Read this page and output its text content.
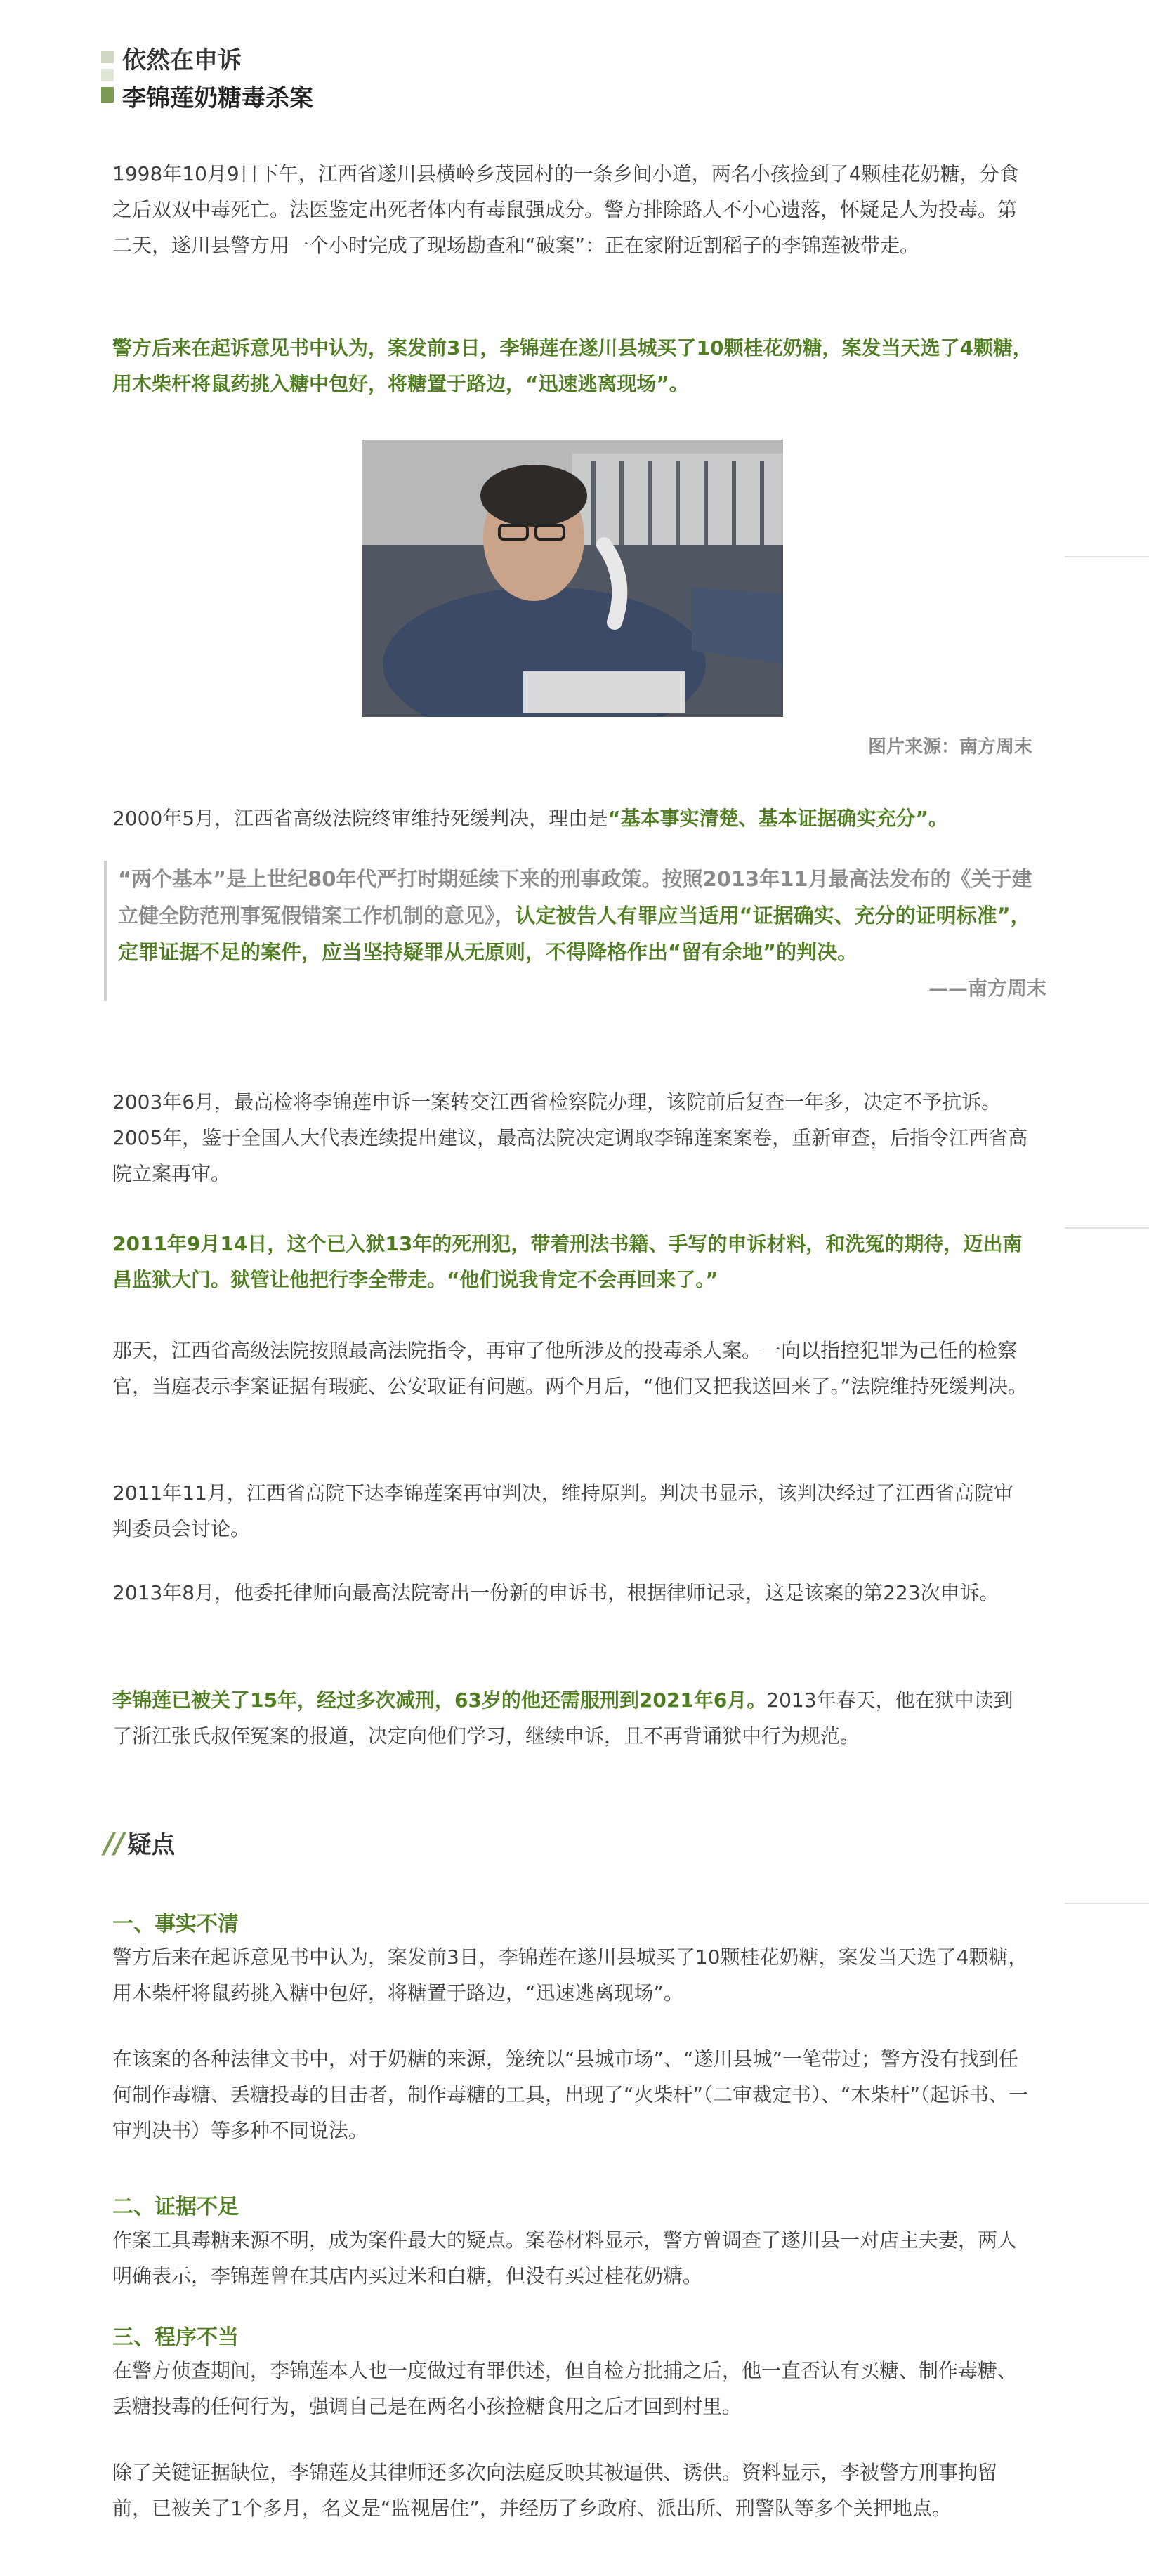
依然在申诉
李锦莲奶糖毒杀案

1998年10月9日下午，江西省遂川县横岭乡茂园村的一条乡间小道，两名小孩捡到了4颗桂花奶糖，分食之后双双中毒死亡。法医鉴定出死者体内有毒鼠强成分。警方排除路人不小心遗落，怀疑是人为投毒。第二天，遂川县警方用一个小时完成了现场勘查和“破案”：正在家附近割稻子的李锦莲被带走。

警方后来在起诉意见书中认为，案发前3日，李锦莲在遂川县城买了10颗桂花奶糖，案发当天选了4颗糖，用木柴杆将鼠药挑入糖中包好，将糖置于路边，“迅速逃离现场”。

图片来源：南方周末

2000年5月，江西省高级法院终审维持死缓判决，理由是“基本事实清楚、基本证据确实充分”。

“两个基本”是上世纪80年代严打时期延续下来的刑事政策。按照2013年11月最高法发布的《关于建立健全防范刑事冤假错案工作机制的意见》，认定被告人有罪应当适用“证据确实、充分的证明标准”，定罪证据不足的案件，应当坚持疑罪从无原则，不得降格作出“留有余地”的判决。

——南方周末

2003年6月，最高检将李锦莲申诉一案转交江西省检察院办理，该院前后复查一年多，决定不予抗诉。2005年，鉴于全国人大代表连续提出建议，最高法院决定调取李锦莲案案卷，重新审查，后指令江西省高院立案再审。

2011年9月14日，这个已入狱13年的死刑犯，带着刑法书籍、手写的申诉材料，和洗冤的期待，迈出南昌监狱大门。狱管让他把行李全带走。“他们说我肯定不会再回来了。”

那天，江西省高级法院按照最高法院指令，再审了他所涉及的投毒杀人案。一向以指控犯罪为己任的检察官，当庭表示李案证据有瑕疵、公安取证有问题。两个月后，“他们又把我送回来了。”法院维持死缓判决。

2011年11月，江西省高院下达李锦莲案再审判决，维持原判。判决书显示，该判决经过了江西省高院审判委员会讨论。

2013年8月，他委托律师向最高法院寄出一份新的申诉书，根据律师记录，这是该案的第223次申诉。

李锦莲已被关了15年，经过多次减刑，63岁的他还需服刑到2021年6月。2013年春天，他在狱中读到了浙江张氏叔侄冤案的报道，决定向他们学习，继续申诉，且不再背诵狱中行为规范。

// 疑点
一、事实不清

警方后来在起诉意见书中认为，案发前3日，李锦莲在遂川县城买了10颗桂花奶糖，案发当天选了4颗糖，用木柴杆将鼠药挑入糖中包好，将糖置于路边，“迅速逃离现场”。

在该案的各种法律文书中，对于奶糖的来源，笼统以“县城市场”、“遂川县城”一笔带过；警方没有找到任何制作毒糖、丢糖投毒的目击者，制作毒糖的工具，出现了“火柴杆”（二审裁定书）、“木柴杆”（起诉书、一审判决书）等多种不同说法。

二、证据不足

作案工具毒糖来源不明，成为案件最大的疑点。案卷材料显示，警方曾调查了遂川县一对店主夫妻，两人明确表示，李锦莲曾在其店内买过米和白糖，但没有买过桂花奶糖。

三、程序不当

在警方侦查期间，李锦莲本人也一度做过有罪供述，但自检方批捕之后，他一直否认有买糖、制作毒糖、丢糖投毒的任何行为，强调自己是在两名小孩捡糖食用之后才回到村里。

除了关键证据缺位，李锦莲及其律师还多次向法庭反映其被逼供、诱供。资料显示，李被警方刑事拘留前，已被关了1个多月，名义是“监视居住”，并经历了乡政府、派出所、刑警队等多个关押地点。
